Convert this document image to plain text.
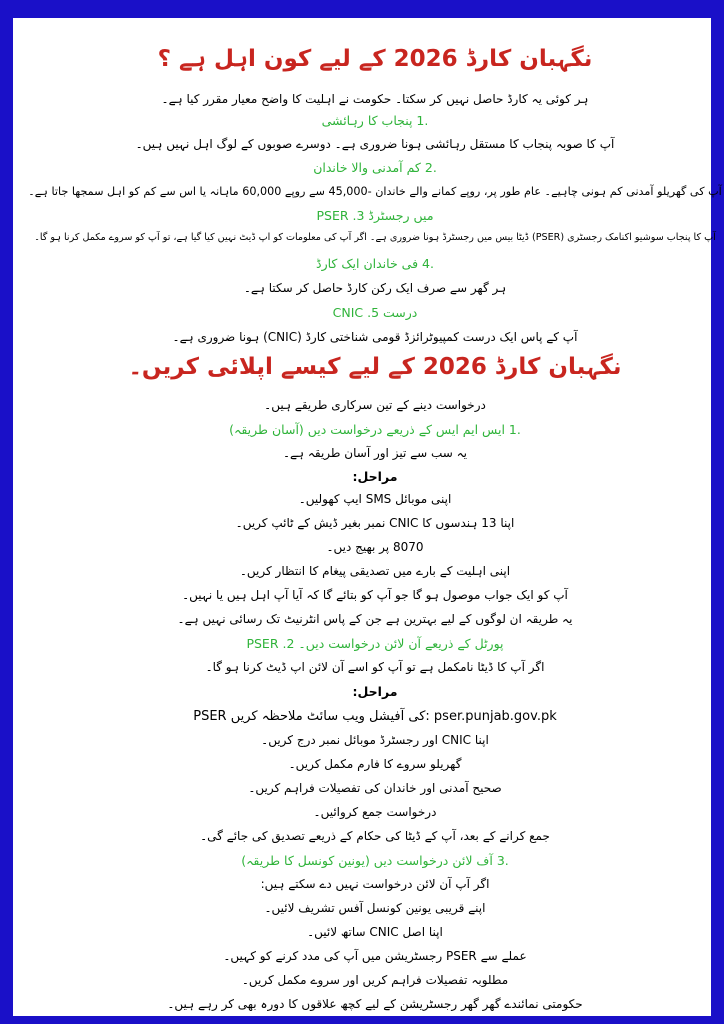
نگہبان کارڈ 2026 کے لیے کون اہل ہے ؟

ہر کوئی یہ کارڈ حاصل نہیں کر سکتا۔ حکومت نے اہلیت کا واضح معیار مقرر کیا ہے۔

.1 پنجاب کا رہائشی

آپ کا صوبہ پنجاب کا مستقل رہائشی ہونا ضروری ہے۔ دوسرے صوبوں کے لوگ اہل نہیں ہیں۔

.2 کم آمدنی والا خاندان

آپ کی گھریلو آمدنی کم ہونی چاہیے۔ عام طور پر، روپے کمانے والے خاندان -45,000 سے روپے 60,000 ماہانہ یا اس سے کم کو اہل سمجھا جاتا ہے۔

PSER .3 میں رجسٹرڈ

آپ کا پنجاب سوشیو اکنامک رجسٹری (PSER) ڈیٹا بیس میں رجسٹرڈ ہونا ضروری ہے۔ اگر آپ کی معلومات کو اپ ڈیٹ نہیں کیا گیا ہے، تو آپ کو سروے مکمل کرنا ہو گا۔

.4 فی خاندان ایک کارڈ

ہر گھر سے صرف ایک رکن کارڈ حاصل کر سکتا ہے۔

CNIC .5 درست

آپ کے پاس ایک درست کمپیوٹرائزڈ قومی شناختی کارڈ (CNIC) ہونا ضروری ہے۔

نگہبان کارڈ 2026 کے لیے کیسے اپلائی کریں۔

درخواست دینے کے تین سرکاری طریقے ہیں۔

.1 ایس ایم ایس کے ذریعے درخواست دیں (آسان طریقہ)

یہ سب سے تیز اور آسان طریقہ ہے۔

مراحل:

اپنی موبائل SMS ایپ کھولیں۔

اپنا 13 ہندسوں کا CNIC نمبر بغیر ڈیش کے ٹائپ کریں۔

8070 پر بھیج دیں۔

اپنی اہلیت کے بارے میں تصدیقی پیغام کا انتظار کریں۔

آپ کو ایک جواب موصول ہو گا جو آپ کو بتائے گا کہ آیا آپ اہل ہیں یا نہیں۔

یہ طریقہ ان لوگوں کے لیے بہترین ہے جن کے پاس انٹرنیٹ تک رسائی نہیں ہے۔

PSER .2 پورٹل کے ذریعے آن لائن درخواست دیں۔

اگر آپ کا ڈیٹا نامکمل ہے تو آپ کو اسے آن لائن اپ ڈیٹ کرنا ہو گا۔

مراحل:

PSER کی آفیشل ویب سائٹ ملاحظہ کریں: pser.punjab.gov.pk

اپنا CNIC اور رجسٹرڈ موبائل نمبر درج کریں۔

گھریلو سروے کا فارم مکمل کریں۔

صحیح آمدنی اور خاندان کی تفصیلات فراہم کریں۔

درخواست جمع کروائیں۔

جمع کرانے کے بعد، آپ کے ڈیٹا کی حکام کے ذریعے تصدیق کی جائے گی۔

.3 آف لائن درخواست دیں (یونین کونسل کا طریقہ)

اگر آپ آن لائن درخواست نہیں دے سکتے ہیں:

اپنے قریبی یونین کونسل آفس تشریف لائیں۔

اپنا اصل CNIC ساتھ لائیں۔

عملے سے PSER رجسٹریشن میں آپ کی مدد کرنے کو کہیں۔

مطلوبہ تفصیلات فراہم کریں اور سروے مکمل کریں۔

حکومتی نمائندے گھر گھر رجسٹریشن کے لیے کچھ علاقوں کا دورہ بھی کر رہے ہیں۔
